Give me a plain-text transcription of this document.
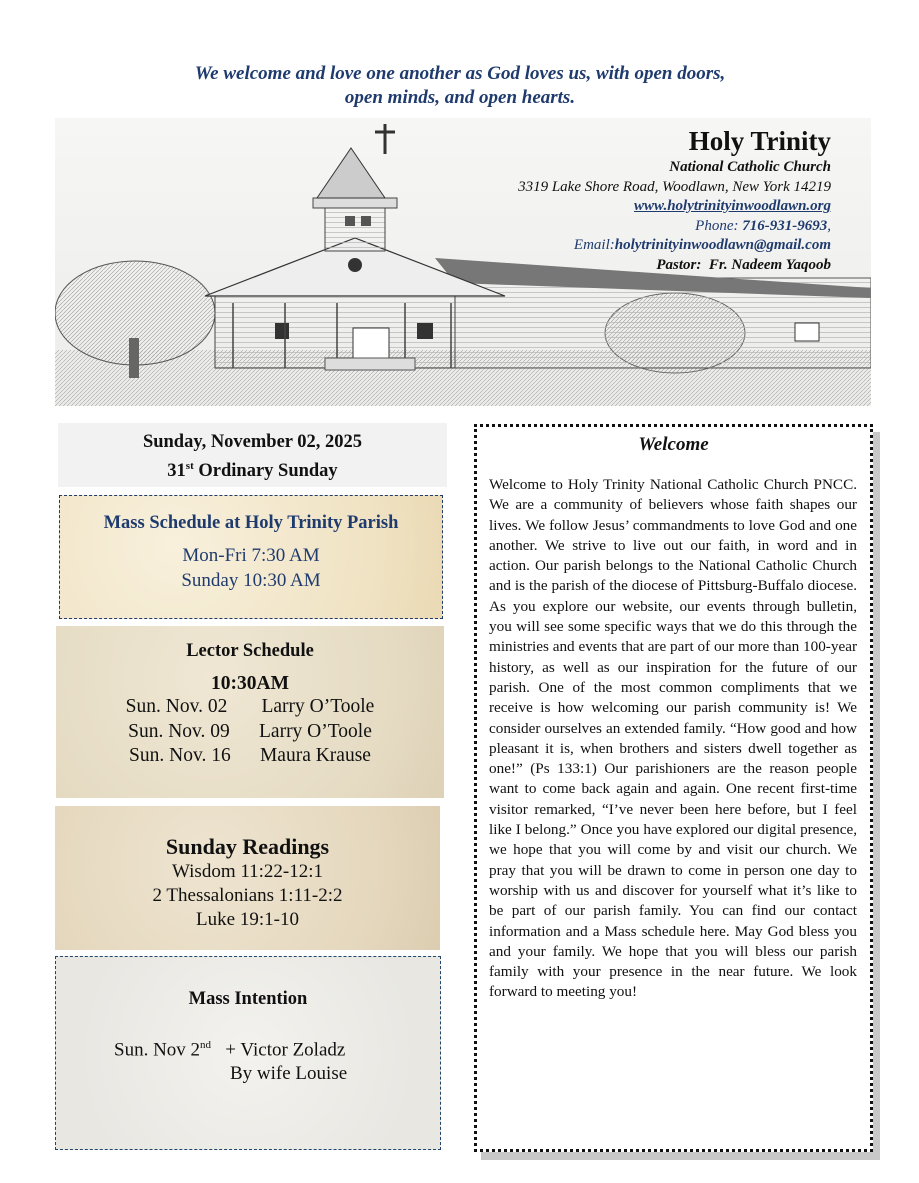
We welcome and love one another as God loves us, with open doors,
open minds, and open hearts.
Holy Trinity
National Catholic Church
3319 Lake Shore Road, Woodlawn, New York 14219
www.holytrinityinwoodlawn.org
Phone: 716-931-9693,
Email:holytrinityinwoodlawn@gmail.com
Pastor:  Fr. Nadeem Yaqoob
Sunday, November 02, 2025
31st Ordinary Sunday
Mass Schedule at Holy Trinity Parish
Mon-Fri 7:30 AM
Sunday 10:30 AM
Lector Schedule
10:30AM
Sun. Nov. 02       Larry O’Toole
Sun. Nov. 09      Larry O’Toole
Sun. Nov. 16      Maura Krause
Sunday Readings
Wisdom 11:22-12:1
2 Thessalonians 1:11-2:2
Luke 19:1-10
Mass Intention
Sun. Nov 2nd   + Victor Zoladz
By wife Louise
Welcome
Welcome to Holy Trinity National Catholic Church PNCC. We are a community of believers whose faith shapes our lives. We follow Jesus’ commandments to love God and one another. We strive to live out our faith, in word and in action. Our parish belongs to the National Catholic Church and is the parish of the diocese of Pittsburg-Buffalo diocese. As you explore our website, our events through bulletin, you will see some specific ways that we do this through the ministries and events that are part of our more than 100-year history, as well as our inspiration for the future of our parish. One of the most common compliments that we receive is how welcoming our parish community is! We consider ourselves an extended family. “How good and how pleasant it is, when brothers and sisters dwell together as one!” (Ps 133:1) Our parishioners are the reason people want to come back again and again. One recent first-time visitor remarked, “I’ve never been here before, but I feel like I belong.” Once you have explored our digital presence, we hope that you will come by and visit our church. We pray that you will be drawn to come in person one day to worship with us and discover for yourself what it’s like to be part of our parish family. You can find our contact information and a Mass schedule here. May God bless you and your family. We hope that you will bless our parish family with your presence in the near future. We look forward to meeting you!
